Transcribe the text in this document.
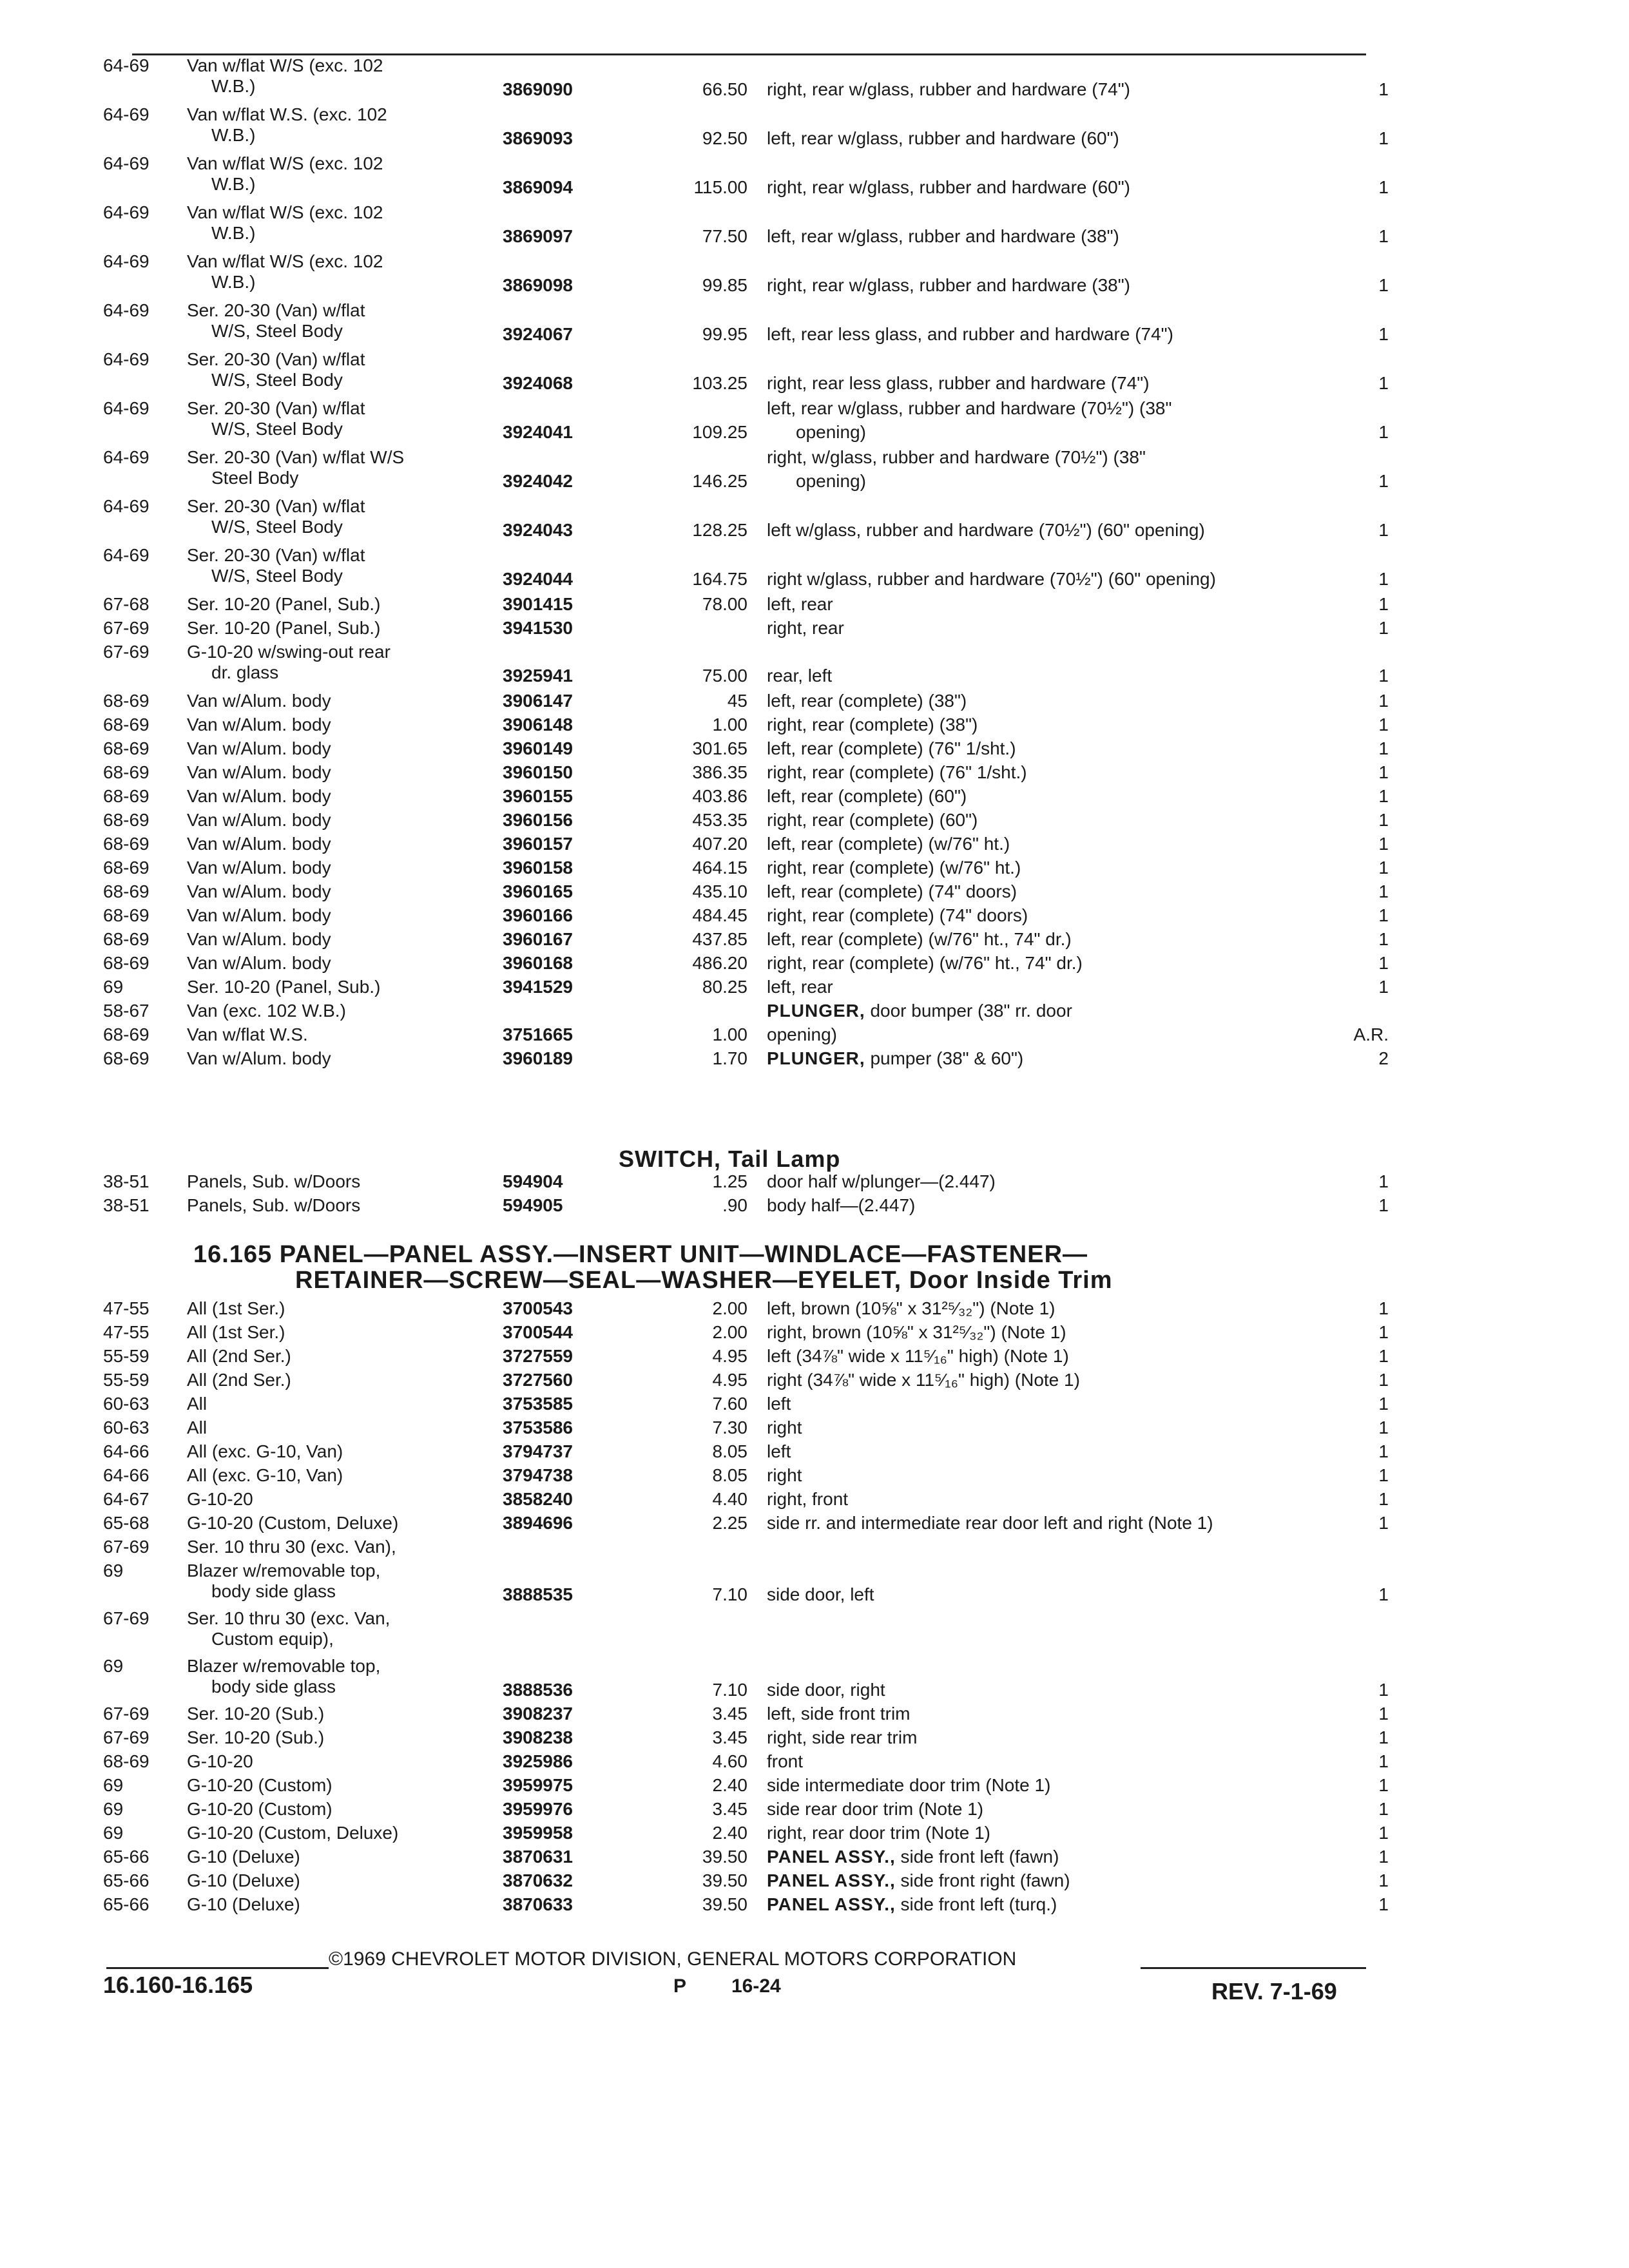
64-69	Van w/flat W/S (exc. 102
W.B.)	3869090	66.50 right, rear w/glass, rubber and hardware (74")	1
64-69	Van w/flat W.S. (exc. 102
W.B.)	3869093	92.50 left, rear w/glass, rubber and hardware (60")	1
64-69	Van w/flat W/S (exc. 102
W.B.)	3869094	115.00 right, rear w/glass, rubber and hardware (60")	1
64-69	Van w/flat W/S (exc. 102
W.B.)	3869097	77.50 left, rear w/glass, rubber and hardware (38")	1
64-69	Van w/flat W/S (exc. 102
W.B.)	3869098	99.85 right, rear w/glass, rubber and hardware (38")	1
64-69	Ser. 20-30 (Van) w/flat
W/S, Steel Body	3924067	99.95 left, rear less glass, and rubber and hardware (74")	1
64-69	Ser. 20-30 (Van) w/flat
W/S, Steel Body	3924068	103.25 right, rear less glass, rubber and hardware (74")	1
64-69	Ser. 20-30 (Van) w/flat
W/S, Steel Body	3924041	109.25
left, rear w/glass, rubber and hardware (70½") (38"
opening)	1
64-69	Ser. 20-30 (Van) w/flat W/S
Steel Body	3924042	146.25
right, w/glass, rubber and hardware (70½") (38"
opening)	1
64-69	Ser. 20-30 (Van) w/flat
W/S, Steel Body	3924043	128.25 left w/glass, rubber and hardware (70½") (60" opening)	1
64-69	Ser. 20-30 (Van) w/flat
W/S, Steel Body	3924044	164.75 right w/glass, rubber and hardware (70½") (60" opening)	1
67-68	Ser. 10-20 (Panel, Sub.)	3901415	78.00 left, rear	1
67-69	Ser. 10-20 (Panel, Sub.)	3941530	right, rear	1
67-69	G-10-20 w/swing-out rear
dr. glass	3925941	75.00 rear, left	1
68-69	Van w/Alum. body	3906147	45 left, rear (complete) (38")	1
68-69	Van w/Alum. body	3906148	1.00 right, rear (complete) (38")	1
68-69	Van w/Alum. body	3960149	301.65 left, rear (complete) (76" 1/sht.)	1
68-69	Van w/Alum. body	3960150	386.35 right, rear (complete) (76" 1/sht.)	1
68-69	Van w/Alum. body	3960155	403.86 left, rear (complete) (60")	1
68-69	Van w/Alum. body	3960156	453.35 right, rear (complete) (60")	1
68-69	Van w/Alum. body	3960157	407.20 left, rear (complete) (w/76" ht.)	1
68-69	Van w/Alum. body	3960158	464.15 right, rear (complete) (w/76" ht.)	1
68-69	Van w/Alum. body	3960165	435.10 left, rear (complete) (74" doors)	1
68-69	Van w/Alum. body	3960166	484.45 right, rear (complete) (74" doors)	1
68-69	Van w/Alum. body	3960167	437.85 left, rear (complete) (w/76" ht., 74" dr.)	1
68-69	Van w/Alum. body	3960168	486.20 right, rear (complete) (w/76" ht., 74" dr.)	1
69	Ser. 10-20 (Panel, Sub.)	3941529	80.25 left, rear	1
58-67	Van (exc. 102 W.B.)	PLUNGER, door bumper (38" rr. door
68-69	Van w/flat W.S.	3751665	1.00 opening)	A.R.
68-69	Van w/Alum. body	3960189	1.70 PLUNGER, pumper (38" & 60")	2
SWITCH, Tail Lamp
38-51	Panels, Sub. w/Doors	594904	1.25 door half w/plunger—(2.447)	1
38-51	Panels, Sub. w/Doors	594905	.90 body half—(2.447)	1
16.165 PANEL—PANEL ASSY.—INSERT UNIT—WINDLACE—FASTENER—
RETAINER—SCREW—SEAL—WASHER—EYELET, Door Inside Trim
47-55	All (1st Ser.)	3700543	2.00 left, brown (10⅝" x 31²⁵⁄₃₂") (Note 1)	1
47-55	All (1st Ser.)	3700544	2.00 right, brown (10⅝" x 31²⁵⁄₃₂") (Note 1)	1
55-59	All (2nd Ser.)	3727559	4.95 left (34⅞" wide x 11⁵⁄₁₆" high) (Note 1)	1
55-59	All (2nd Ser.)	3727560	4.95 right (34⅞" wide x 11⁵⁄₁₆" high) (Note 1)	1
60-63	All	3753585	7.60 left	1
60-63	All	3753586	7.30 right	1
64-66	All (exc. G-10, Van)	3794737	8.05 left	1
64-66	All (exc. G-10, Van)	3794738	8.05 right	1
64-67	G-10-20	3858240	4.40 right, front	1
65-68	G-10-20 (Custom, Deluxe)	3894696	2.25 side rr. and intermediate rear door left and right (Note 1)	1
67-69	Ser. 10 thru 30 (exc. Van),
69	Blazer w/removable top,
body side glass	3888535	7.10 side door, left	1
67-69	Ser. 10 thru 30 (exc. Van,
Custom equip),
69	Blazer w/removable top,
body side glass	3888536	7.10 side door, right	1
67-69	Ser. 10-20 (Sub.)	3908237	3.45 left, side front trim	1
67-69	Ser. 10-20 (Sub.)	3908238	3.45 right, side rear trim	1
68-69	G-10-20	3925986	4.60 front	1
69	G-10-20 (Custom)	3959975	2.40 side intermediate door trim (Note 1)	1
69	G-10-20 (Custom)	3959976	3.45 side rear door trim (Note 1)	1
69	G-10-20 (Custom, Deluxe)	3959958	2.40 right, rear door trim (Note 1)	1
65-66	G-10 (Deluxe)	3870631	39.50 PANEL ASSY., side front left (fawn)	1
65-66	G-10 (Deluxe)	3870632	39.50 PANEL ASSY., side front right (fawn)	1
65-66	G-10 (Deluxe)	3870633	39.50 PANEL ASSY., side front left (turq.)	1
©1969 CHEVROLET MOTOR DIVISION, GENERAL MOTORS CORPORATION
16.160-16.165	P 16-24	REV. 7-1-69
